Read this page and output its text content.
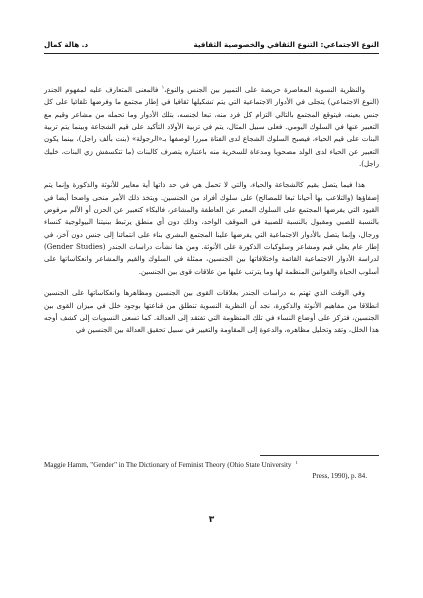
النوع الاجتماعي: التنوع الثقافي والخصوصية الثقافية
د. هالة كمال

والنظرية النسوية المعاصرة حريصة على التمييز بين الجنس والنوع،$^١$ فالمعنى المتعارف عليه لمفهوم الجندر (النوع الاجتماعي) يتجلى في الأدوار الاجتماعية التي يتم تشكيلها ثقافيا في إطار مجتمع ما وفرضها تلقائيا على كل جنس بعينه، فيتوقع المجتمع بالتالي التزام كل فرد منه، تبعا لجنسه، بتلك الأدوار وما تحمله من مشاعر وقيم مع التعبير عنها في السلوك اليومي. فعلى سبيل المثال، يتم في تربية الأولاد التأكيد على قيم الشجاعة وبينما يتم تربية البنات على قيم الحياء، فيصبح السلوك الشجاع لدى الفتاة مبررا لوصفها بـ«الرجولة» (بنت بألف راجل)، بينما يكون التعبير عن الحياء لدى الولد مصحوبا ومدعاة للسخرية منه باعتباره يتصرف كالبنات (ما تتكسفش زي البنات، خليك راجل).

هذا فيما يتصل بقيم كالشجاعة والحياء، والتي لا تحمل هي في حد ذاتها أية معايير للأنوثة والذكورة وإنما يتم إضفاؤها (والتلاعب بها أحيانا تبعا للمصالح) على سلوك أفراد من الجنسين. ويتخذ ذلك الأمر منحى واضحا أيضا في القيود التي يفرضها المجتمع على السلوك المعبر عن العاطفة والمشاعر، فالبكاء كتعبير عن الحزن أو الألم مرفوض بالنسبة للصبي ومقبول بالنسبة للصبية في الموقف الواحد، وذلك دون أي منطق يرتبط ببنيتنا البيولوجية كنساء ورجال، وإنما يتصل بالأدوار الاجتماعية التي يفرضها علينا المجتمع البشري بناء على انتمائنا إلى جنس دون آخر، في إطار عام يعلي قيم ومشاعر وسلوكيات الذكورة على الأنوثة. ومن هنا نشأت دراسات الجندر (Gender Studies) لدراسة الأدوار الاجتماعية القائمة واختلافاتها بين الجنسين، ممثلة في السلوك والقيم والمشاعر وانعكاساتها على أسلوب الحياة والقوانين المنظمة لها وما يترتب عليها من علاقات قوى بين الجنسين.

وفي الوقت الذي تهتم به دراسات الجندر بعلاقات القوى بين الجنسين ومظاهرها وانعكاساتها على الجنسين انطلاقا من مفاهيم الأنوثة والذكورة، نجد أن النظرية النسوية تنطلق من قناعتها بوجود خلل في ميزان القوى بين الجنسين، فتركز على أوضاع النساء في تلك المنظومة التي تفتقد إلى العدالة. كما تسعى النسويات إلى كشف أوجه هذا الخلل، وتقد وتحليل مظاهره، والدعوة إلى المقاومة والتغيير في سبيل تحقيق العدالة بين الجنسين في

Maggie Hamm, "Gender" in The Dictionary of Feminist Theory (Ohio State University $^1$
Press, 1990), p. 84.
٣
